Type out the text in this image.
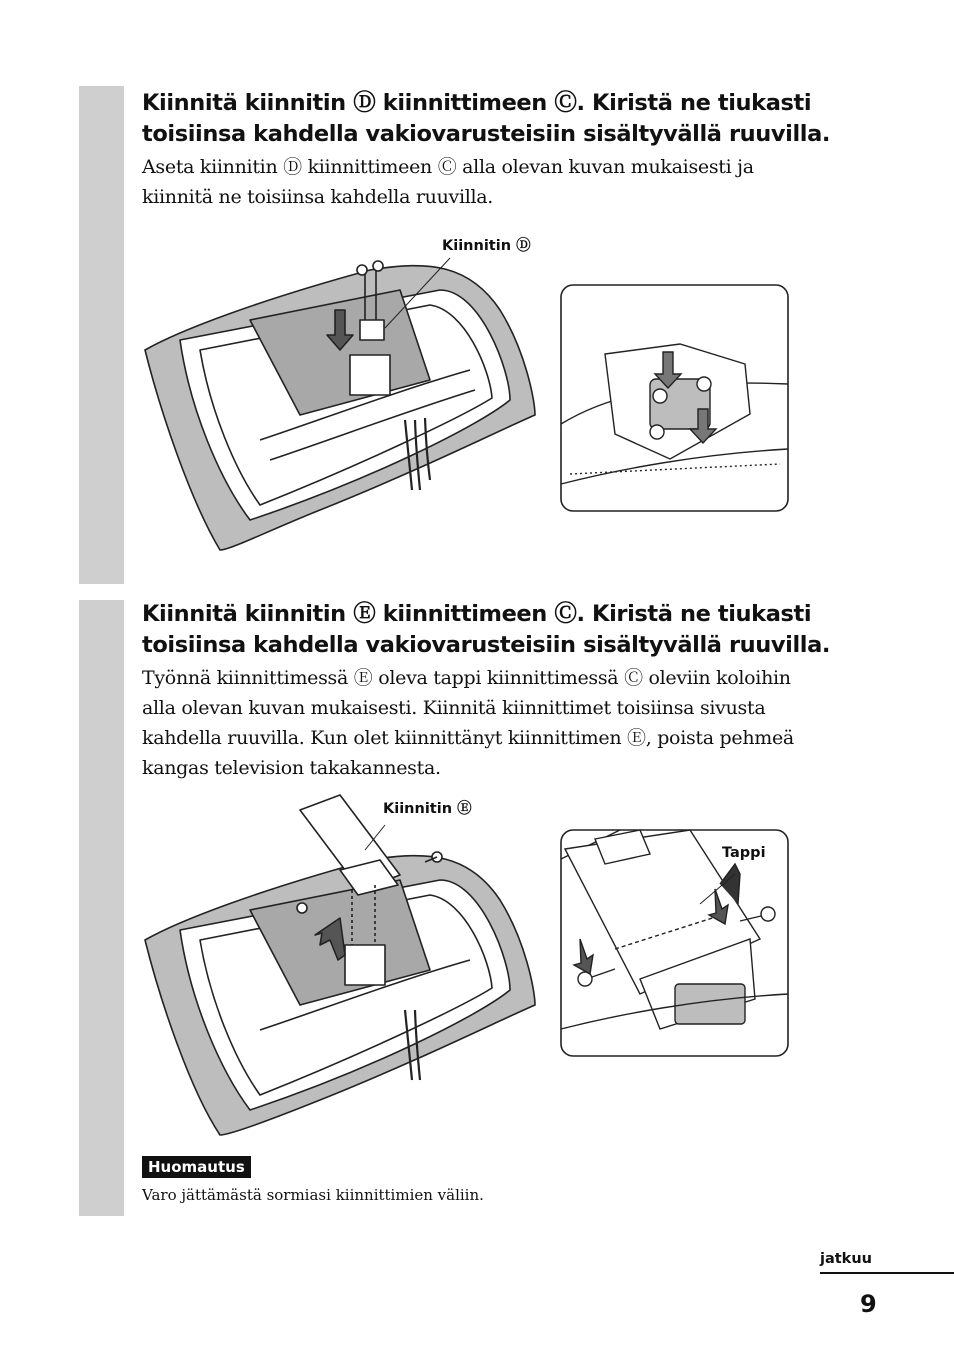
Kiinnitä kiinnitin Ⓓ kiinnittimeen Ⓒ. Kiristä ne tiukasti
toisiinsa kahdella vakiovarusteisiin sisältyvällä ruuvilla.

Aseta kiinnitin Ⓓ kiinnittimeen Ⓒ alla olevan kuvan mukaisesti ja
kiinnitä ne toisiinsa kahdella ruuvilla.

Kiinnitin Ⓓ

Kiinnitä kiinnitin Ⓔ kiinnittimeen Ⓒ. Kiristä ne tiukasti
toisiinsa kahdella vakiovarusteisiin sisältyvällä ruuvilla.

Työnnä kiinnittimessä Ⓔ oleva tappi kiinnittimessä Ⓒ oleviin koloihin
alla olevan kuvan mukaisesti. Kiinnitä kiinnittimet toisiinsa sivusta
kahdella ruuvilla. Kun olet kiinnittänyt kiinnittimen Ⓔ, poista pehmeä
kangas television takakannesta.

Kiinnitin Ⓔ
Tappi
Huomautus

Varo jättämästä sormiasi kiinnittimien väliin.

jatkuu
9
